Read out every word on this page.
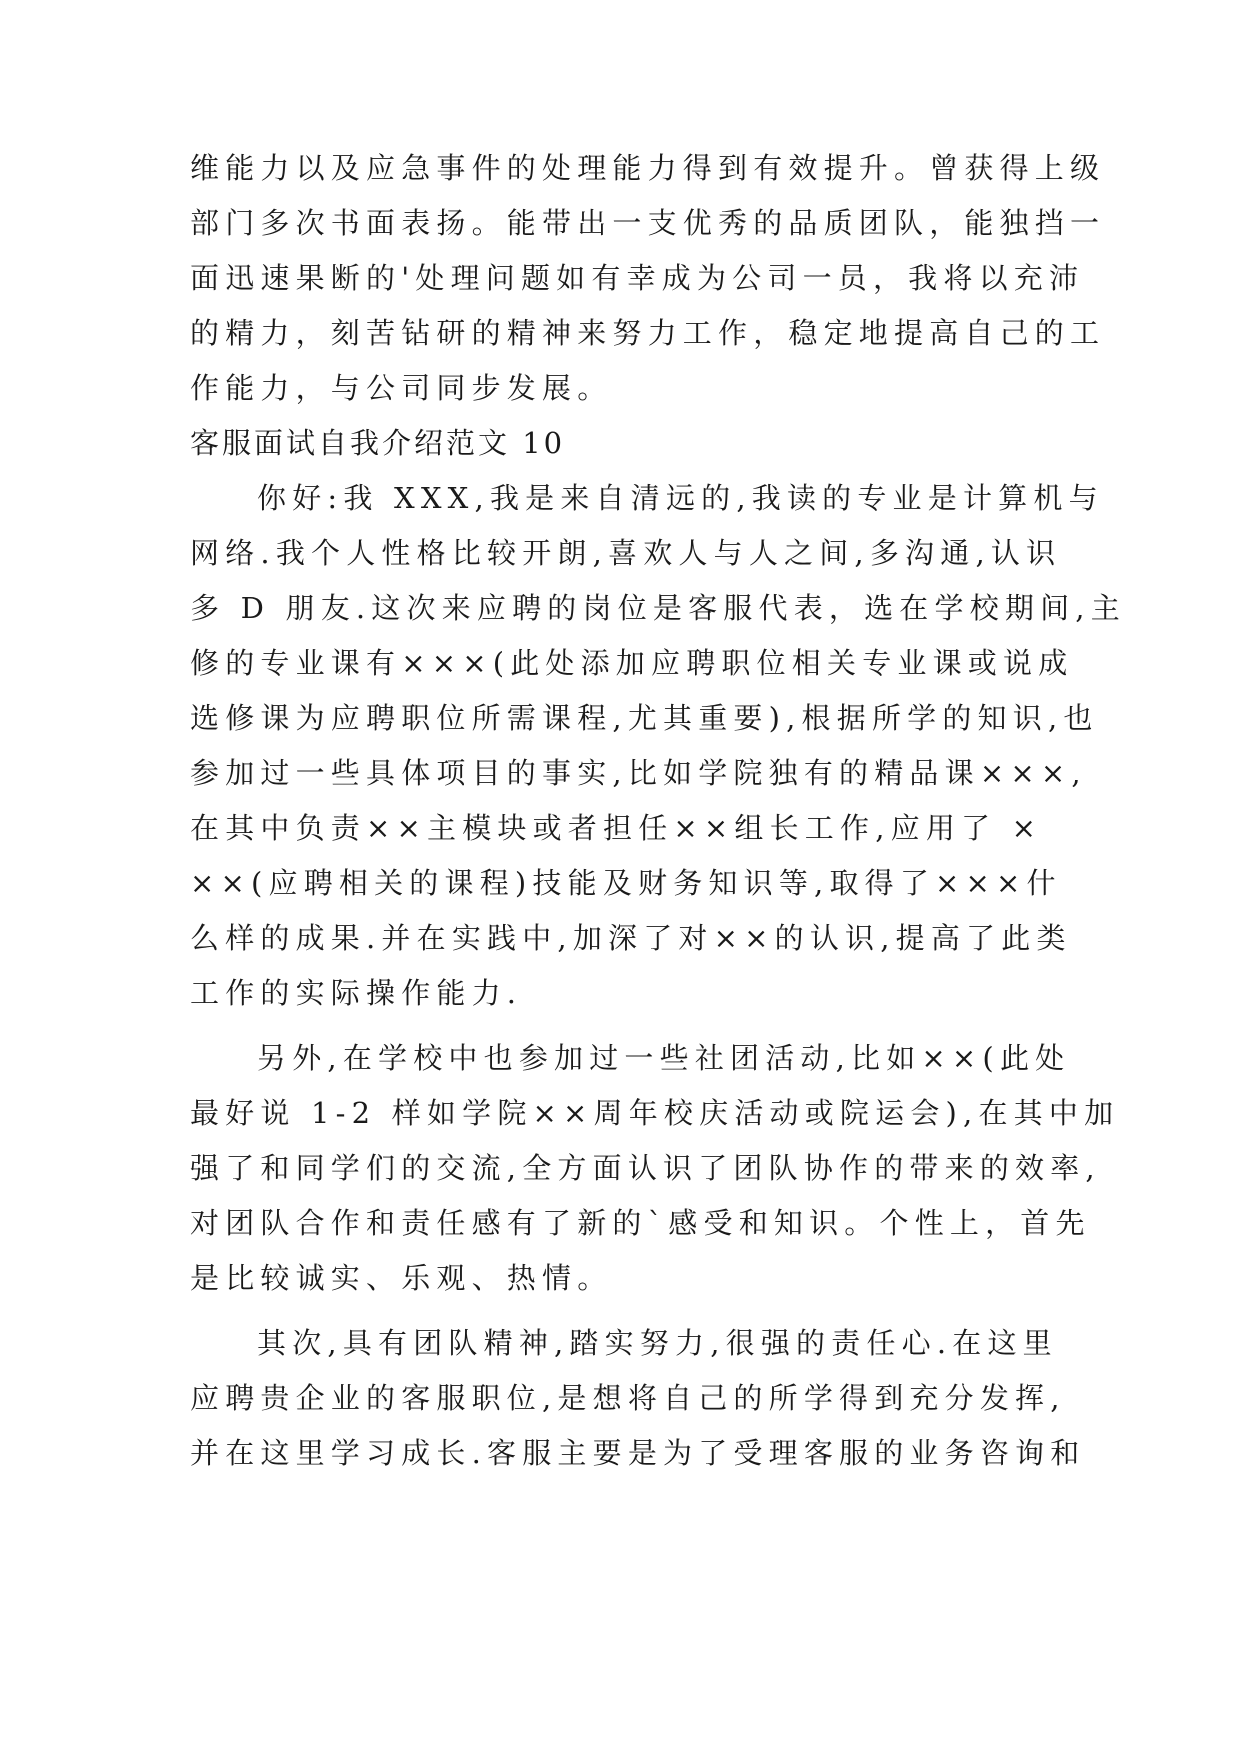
维能力以及应急事件的处理能力得到有效提升。曾获得上级
部门多次书面表扬。能带出一支优秀的品质团队，能独挡一
面迅速果断的'处理问题如有幸成为公司一员，我将以充沛
的精力，刻苦钻研的精神来努力工作，稳定地提高自己的工
作能力，与公司同步发展。
客服面试自我介绍范文 10
你好:我 XXX,我是来自清远的,我读的专业是计算机与
网络.我个人性格比较开朗,喜欢人与人之间,多沟通,认识
多 D 朋友.这次来应聘的岗位是客服代表，选在学校期间,主
修的专业课有×××(此处添加应聘职位相关专业课或说成
选修课为应聘职位所需课程,尤其重要),根据所学的知识,也
参加过一些具体项目的事实,比如学院独有的精品课×××,
在其中负责××主模块或者担任××组长工作,应用了 ×
××(应聘相关的课程)技能及财务知识等,取得了×××什
么样的成果.并在实践中,加深了对××的认识,提高了此类
工作的实际操作能力.
另外,在学校中也参加过一些社团活动,比如××(此处
最好说 1-2 样如学院××周年校庆活动或院运会),在其中加
强了和同学们的交流,全方面认识了团队协作的带来的效率,
对团队合作和责任感有了新的`感受和知识。个性上，首先
是比较诚实、乐观、热情。
其次,具有团队精神,踏实努力,很强的责任心.在这里
应聘贵企业的客服职位,是想将自己的所学得到充分发挥,
并在这里学习成长.客服主要是为了受理客服的业务咨询和
